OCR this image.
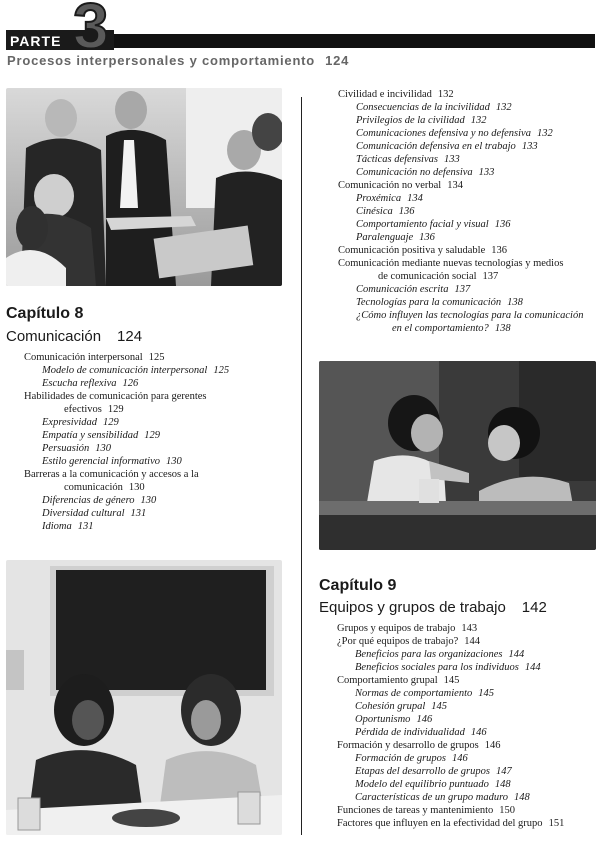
PARTE 3
Procesos interpersonales y comportamiento 124
Capítulo 8
Comunicación 124
Comunicación interpersonal 125
Modelo de comunicación interpersonal 125
Escucha reflexiva 126
Habilidades de comunicación para gerentes
efectivos 129
Expresividad 129
Empatía y sensibilidad 129
Persuasión 130
Estilo gerencial informativo 130
Barreras a la comunicación y accesos a la
comunicación 130
Diferencias de género 130
Diversidad cultural 131
Idioma 131
Civilidad e incivilidad 132
Consecuencias de la incivilidad 132
Privilegios de la civilidad 132
Comunicaciones defensiva y no defensiva 132
Comunicación defensiva en el trabajo 133
Tácticas defensivas 133
Comunicación no defensiva 133
Comunicación no verbal 134
Proxémica 134
Cinésica 136
Comportamiento facial y visual 136
Paralenguaje 136
Comunicación positiva y saludable 136
Comunicación mediante nuevas tecnologías y medios
de comunicación social 137
Comunicación escrita 137
Tecnologías para la comunicación 138
¿Cómo influyen las tecnologías para la comunicación
en el comportamiento? 138
Capítulo 9
Equipos y grupos de trabajo 142
Grupos y equipos de trabajo 143
¿Por qué equipos de trabajo? 144
Beneficios para las organizaciones 144
Beneficios sociales para los individuos 144
Comportamiento grupal 145
Normas de comportamiento 145
Cohesión grupal 145
Oportunismo 146
Pérdida de individualidad 146
Formación y desarrollo de grupos 146
Formación de grupos 146
Etapas del desarrollo de grupos 147
Modelo del equilibrio puntuado 148
Características de un grupo maduro 148
Funciones de tareas y mantenimiento 150
Factores que influyen en la efectividad del grupo 151
